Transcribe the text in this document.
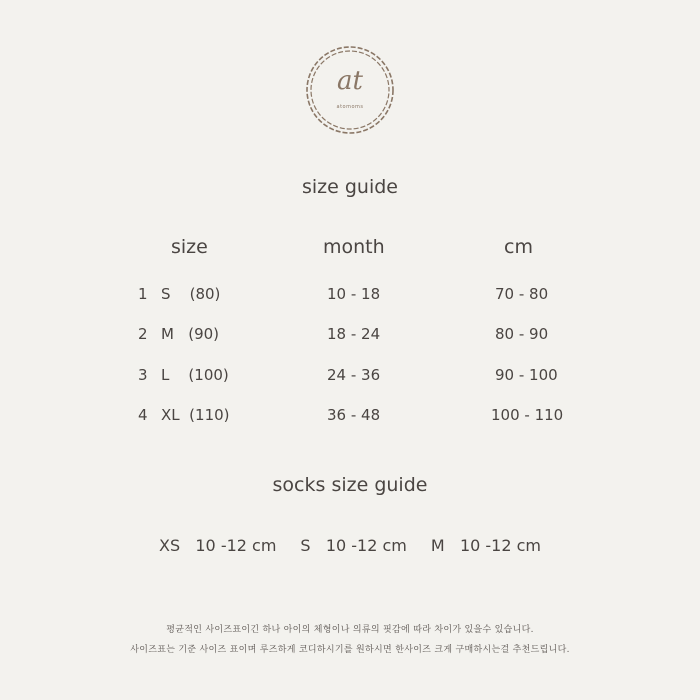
at
atomoms
size guide
size	month	cm
1 S    (80)	10 - 18	70 - 80
2 M   (90)	18 - 24	80 - 90
3 L    (100)	24 - 36	90 - 100
4 XL  (110)	36 - 48	100 - 110
socks size guide
XS   10 -12 cm S   10 -12 cm M   10 -12 cm
평균적인 사이즈표이긴 하나 아이의 체형이나 의류의 핏감에 따라 차이가 있을수 있습니다.
사이즈표는 기준 사이즈 표이며 루즈하게 코디하시기를 원하시면 한사이즈 크게 구매하시는걸 추천드립니다.
